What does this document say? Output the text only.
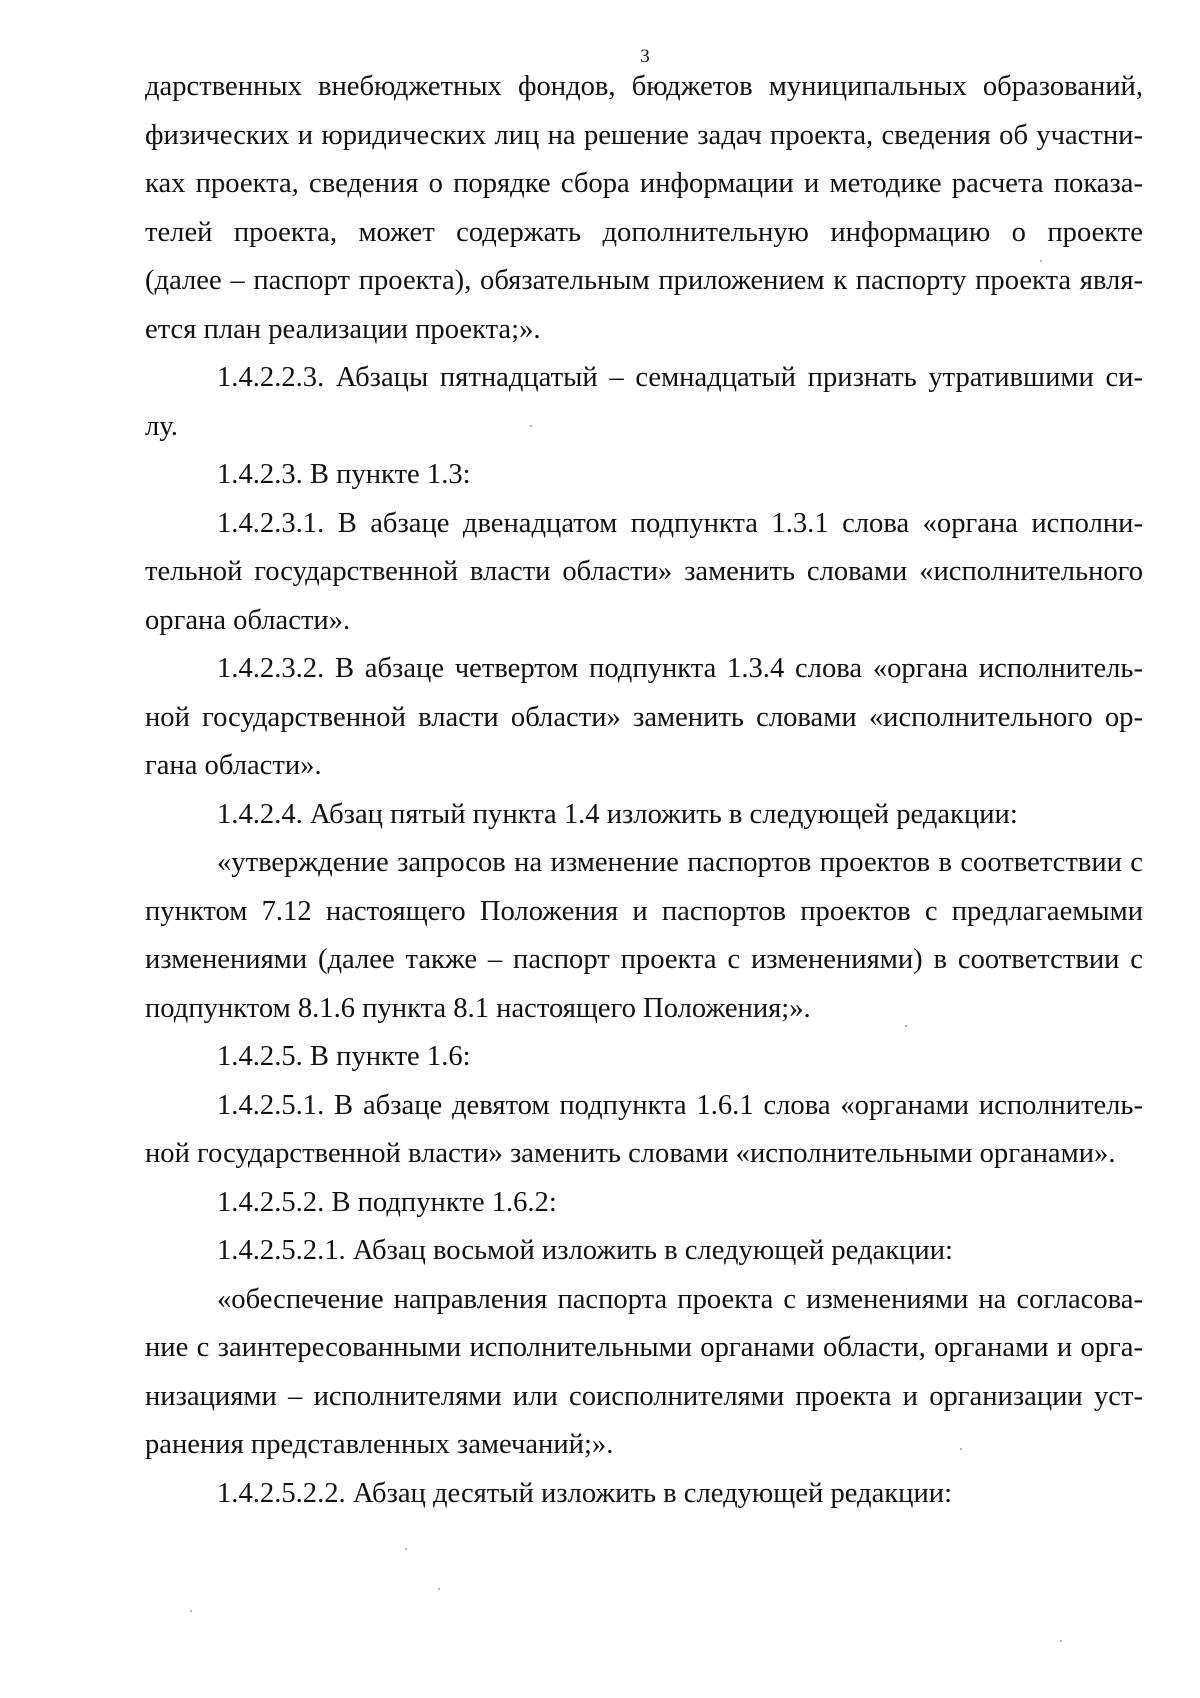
3
дарственных внебюджетных фондов, бюджетов муниципальных образований,
физических и юридических лиц на решение задач проекта, сведения об участни-
ках проекта, сведения о порядке сбора информации и методике расчета показа-
телей проекта, может содержать дополнительную информацию о проекте
(далее – паспорт проекта), обязательным приложением к паспорту проекта явля-
ется план реализации проекта;».
1.4.2.2.3. Абзацы пятнадцатый – семнадцатый признать утратившими си-
лу.
1.4.2.3. В пункте 1.3:
1.4.2.3.1. В абзаце двенадцатом подпункта 1.3.1 слова «органа исполни-
тельной государственной власти области» заменить словами «исполнительного
органа области».
1.4.2.3.2. В абзаце четвертом подпункта 1.3.4 слова «органа исполнитель-
ной государственной власти области» заменить словами «исполнительного ор-
гана области».
1.4.2.4. Абзац пятый пункта 1.4 изложить в следующей редакции:
«утверждение запросов на изменение паспортов проектов в соответствии с
пунктом 7.12 настоящего Положения и паспортов проектов с предлагаемыми
изменениями (далее также – паспорт проекта с изменениями) в соответствии с
подпунктом 8.1.6 пункта 8.1 настоящего Положения;».
1.4.2.5. В пункте 1.6:
1.4.2.5.1. В абзаце девятом подпункта 1.6.1 слова «органами исполнитель-
ной государственной власти» заменить словами «исполнительными органами».
1.4.2.5.2. В подпункте 1.6.2:
1.4.2.5.2.1. Абзац восьмой изложить в следующей редакции:
«обеспечение направления паспорта проекта с изменениями на согласова-
ние с заинтересованными исполнительными органами области, органами и орга-
низациями – исполнителями или соисполнителями проекта и организации уст-
ранения представленных замечаний;».
1.4.2.5.2.2. Абзац десятый изложить в следующей редакции:
